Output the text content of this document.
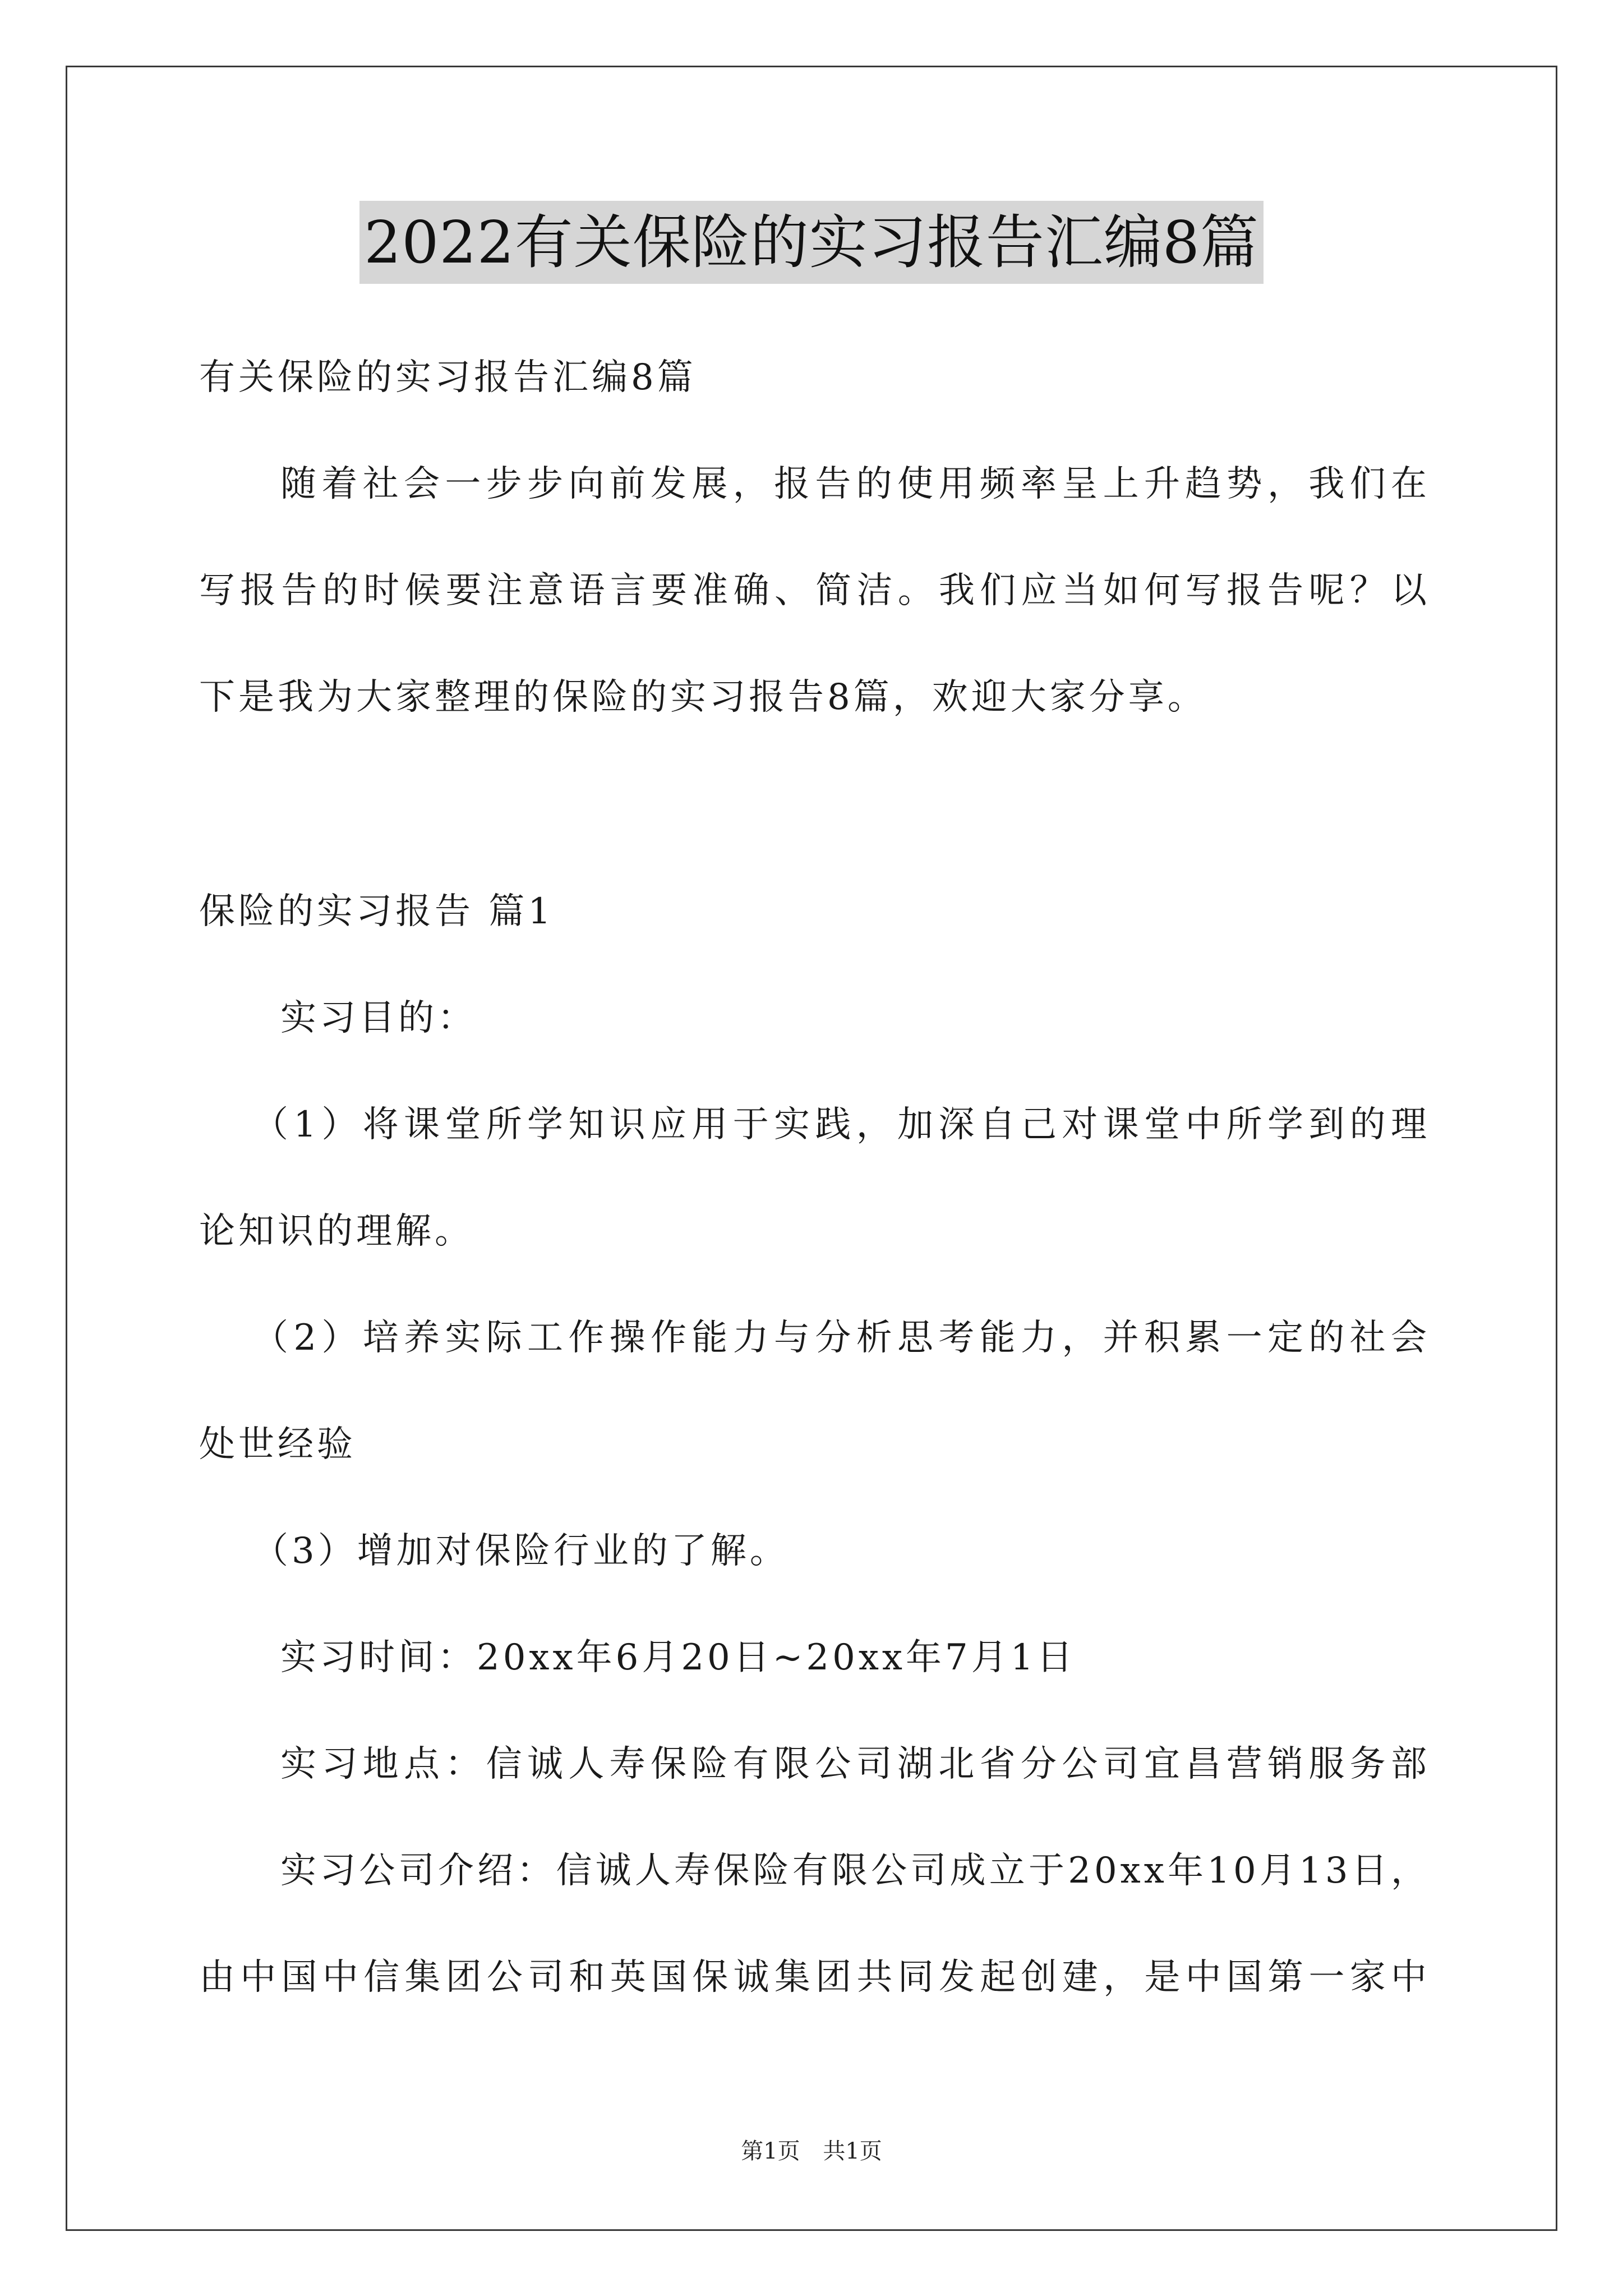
2022有关保险的实习报告汇编8篇
有关保险的实习报告汇编8篇
随着社会一步步向前发展，报告的使用频率呈上升趋势，我们在
写报告的时候要注意语言要准确、简洁。我们应当如何写报告呢？以
下是我为大家整理的保险的实习报告8篇，欢迎大家分享。
保险的实习报告 篇1
实习目的：
（1）将课堂所学知识应用于实践，加深自己对课堂中所学到的理
论知识的理解。
（2）培养实际工作操作能力与分析思考能力，并积累一定的社会
处世经验
（3）增加对保险行业的了解。
实习时间：20xx年6月20日~20xx年7月1日
实习地点：信诚人寿保险有限公司湖北省分公司宜昌营销服务部
实习公司介绍：信诚人寿保险有限公司成立于20xx年10月13日，
由中国中信集团公司和英国保诚集团共同发起创建，是中国第一家中
第1页 共1页
